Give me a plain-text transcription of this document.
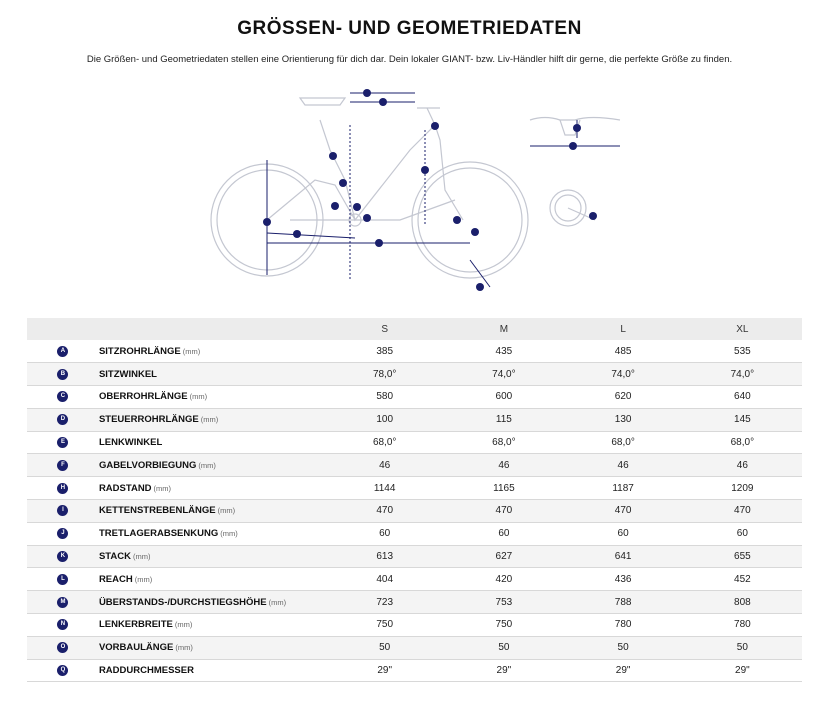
GRÖSSEN- UND GEOMETRIEDATEN
Die Größen- und Geometriedaten stellen eine Orientierung für dich dar. Dein lokaler GIANT- bzw. Liv-Händler hilft dir gerne, die perfekte Größe zu finden.
		S	M	L	XL
A	SITZROHRLÄNGE (mm)	385	435	485	535
B	SITZWINKEL	78,0°	74,0°	74,0°	74,0°
C	OBERROHRLÄNGE (mm)	580	600	620	640
D	STEUERROHRLÄNGE (mm)	100	115	130	145
E	LENKWINKEL	68,0°	68,0°	68,0°	68,0°
F	GABELVORBIEGUNG (mm)	46	46	46	46
H	RADSTAND (mm)	1144	1165	1187	1209
I	KETTENSTREBENLÄNGE (mm)	470	470	470	470
J	TRETLAGERABSENKUNG (mm)	60	60	60	60
K	STACK (mm)	613	627	641	655
L	REACH (mm)	404	420	436	452
M	ÜBERSTANDS-/DURCHSTIEGSHÖHE (mm)	723	753	788	808
N	LENKERBREITE (mm)	750	750	780	780
O	VORBAULÄNGE (mm)	50	50	50	50
Q	RADDURCHMESSER	29"	29"	29"	29"
